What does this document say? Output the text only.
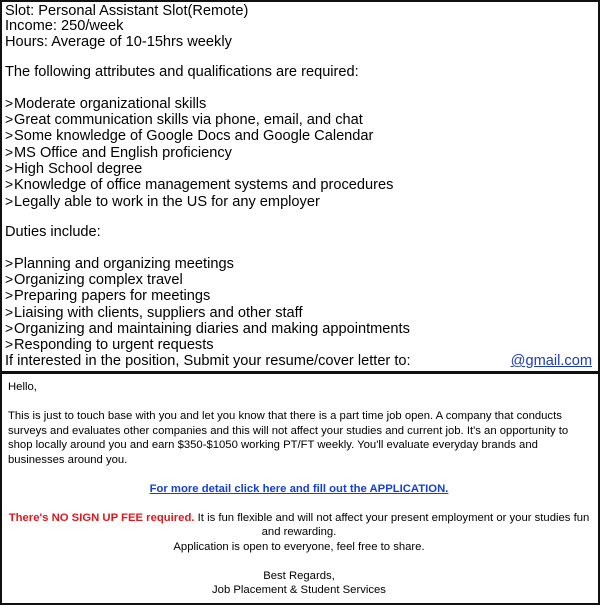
Slot: Personal Assistant Slot(Remote)
Income: 250/week
Hours: Average of 10-15hrs weekly
The following attributes and qualifications are required:
> Moderate organizational skills
> Great communication skills via phone, email, and chat
> Some knowledge of Google Docs and Google Calendar
> MS Office and English proficiency
> High School degree
> Knowledge of office management systems and procedures
> Legally able to work in the US for any employer
Duties include:
> Planning and organizing meetings
> Organizing complex travel
> Preparing papers for meetings
> Liaising with clients, suppliers and other staff
> Organizing and maintaining diaries and making appointments
> Responding to urgent requests
If interested in the position, Submit your resume/cover letter to:	@gmail.com

Hello,

This is just to touch base with you and let you know that there is a part time job open. A company that conducts surveys and evaluates other companies and this will not affect your studies and current job. It's an opportunity to shop locally around you and earn $350-$1050 working PT/FT weekly. You'll evaluate everyday brands and businesses around you.

For more detail click here and fill out the APPLICATION.

There's NO SIGN UP FEE required. It is fun flexible and will not affect your present employment or your studies fun and rewarding.

Application is open to everyone, feel free to share.

Best Regards,

Job Placement & Student Services
